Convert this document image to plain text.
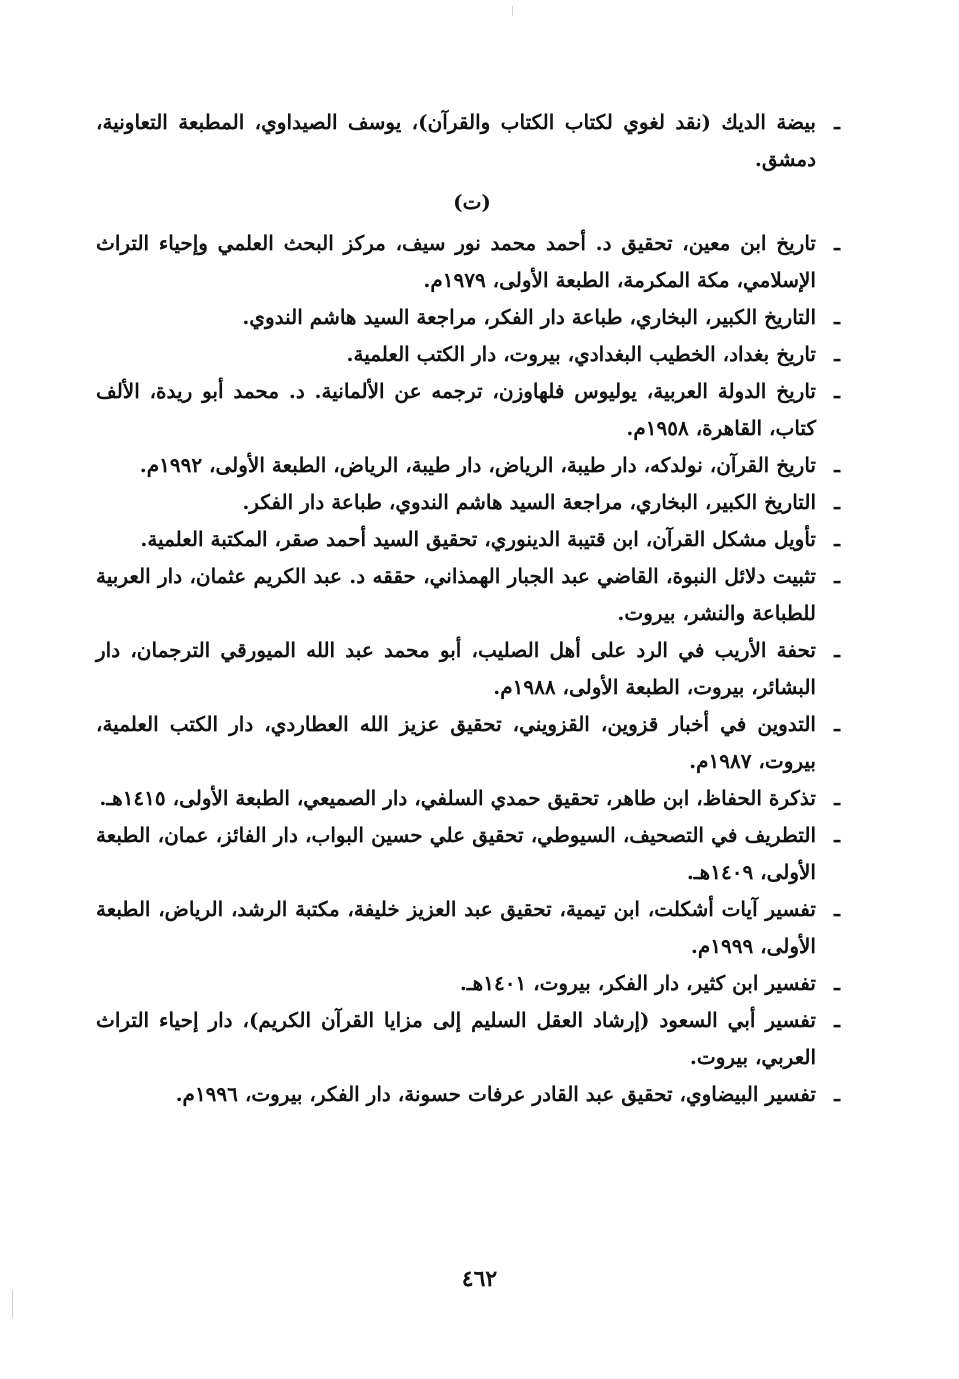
ـ
بيضة الديك (نقد لغوي لكتاب الكتاب والقرآن)، يوسف الصيداوي، المطبعة التعاونية، دمشق.
(ت)
ـ
تاريخ ابن معين، تحقيق د. أحمد محمد نور سيف، مركز البحث العلمي وإحياء التراث الإسلامي، مكة المكرمة، الطبعة الأولى، ١٩٧٩م.
ـ
التاريخ الكبير، البخاري، طباعة دار الفكر، مراجعة السيد هاشم الندوي.
ـ
تاريخ بغداد، الخطيب البغدادي، بيروت، دار الكتب العلمية.
ـ
تاريخ الدولة العربية، يوليوس فلهاوزن، ترجمه عن الألمانية. د. محمد أبو ريدة، الألف كتاب، القاهرة، ١٩٥٨م.
ـ
تاريخ القرآن، نولدكه، دار طيبة، الرياض، دار طيبة، الرياض، الطبعة الأولى، ١٩٩٢م.
ـ
التاريخ الكبير، البخاري، مراجعة السيد هاشم الندوي، طباعة دار الفكر.
ـ
تأويل مشكل القرآن، ابن قتيبة الدينوري، تحقيق السيد أحمد صقر، المكتبة العلمية.
ـ
تثبيت دلائل النبوة، القاضي عبد الجبار الهمذاني، حققه د. عبد الكريم عثمان، دار العربية للطباعة والنشر، بيروت.
ـ
تحفة الأريب في الرد على أهل الصليب، أبو محمد عبد الله الميورقي الترجمان، دار البشائر، بيروت، الطبعة الأولى، ١٩٨٨م.
ـ
التدوين في أخبار قزوين، القزويني، تحقيق عزيز الله العطاردي، دار الكتب العلمية، بيروت، ١٩٨٧م.
ـ
تذكرة الحفاظ، ابن طاهر، تحقيق حمدي السلفي، دار الصميعي، الطبعة الأولى، ١٤١٥هـ.
ـ
التطريف في التصحيف، السيوطي، تحقيق علي حسين البواب، دار الفائز، عمان، الطبعة الأولى، ١٤٠٩هـ.
ـ
تفسير آيات أشكلت، ابن تيمية، تحقيق عبد العزيز خليفة، مكتبة الرشد، الرياض، الطبعة الأولى، ١٩٩٩م.
ـ
تفسير ابن كثير، دار الفكر، بيروت، ١٤٠١هـ.
ـ
تفسير أبي السعود (إرشاد العقل السليم إلى مزايا القرآن الكريم)، دار إحياء التراث العربي، بيروت.
ـ
تفسير البيضاوي، تحقيق عبد القادر عرفات حسونة، دار الفكر، بيروت، ١٩٩٦م.
٤٦٢
